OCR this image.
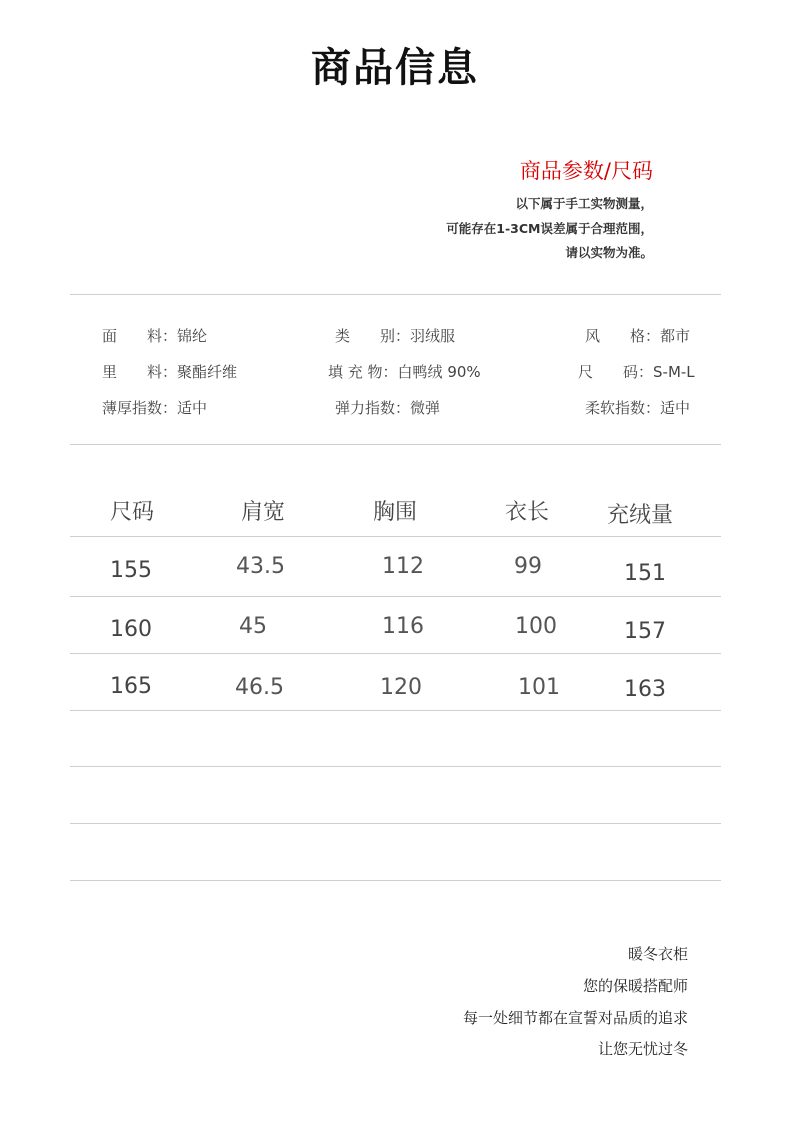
商品信息
商品参数/尺码
以下属于手工实物测量，
可能存在1-3CM误差属于合理范围，
请以实物为准。
面　　料：锦纶	类　　别：羽绒服	风　　格：都市
里　　料：聚酯纤维	填 充 物：白鸭绒 90%	尺　　码：S-M-L
薄厚指数：适中	弹力指数：微弹	柔软指数：适中
尺码	肩宽	胸围	衣长	充绒量
155	43.5	112	99	151
160	45	116	100	157
165	46.5	120	101	163
暖冬衣柜
您的保暖搭配师
每一处细节都在宣誓对品质的追求
让您无忧过冬
